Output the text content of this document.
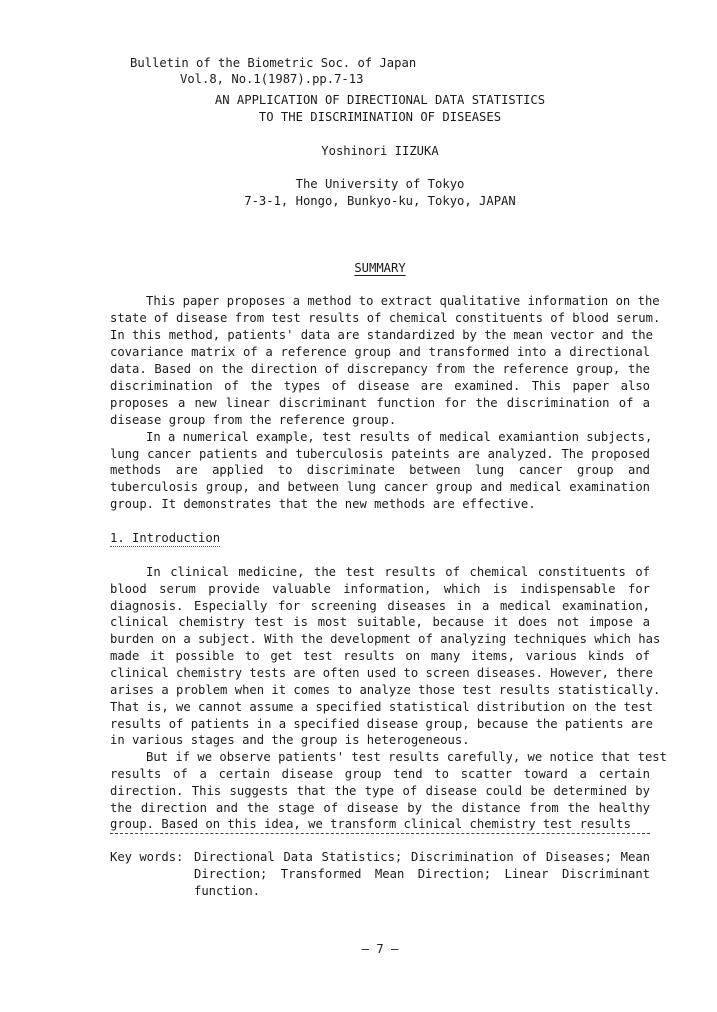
Bulletin of the Biometric Soc. of Japan
Vol.8, No.1(1987).pp.7-13
AN APPLICATION OF DIRECTIONAL DATA STATISTICS
TO THE DISCRIMINATION OF DISEASES
Yoshinori IIZUKA
The University of Tokyo
7-3-1, Hongo, Bunkyo-ku, Tokyo, JAPAN
SUMMARY
This paper proposes a method to extract qualitative information on the
state of disease from test results of chemical constituents of blood serum.
In this method, patients' data are standardized by the mean vector and the
covariance matrix of a reference group and transformed into a directional
data. Based on the direction of discrepancy from the reference group, the
discrimination of the types of disease are examined. This paper also
proposes a new linear discriminant function for the discrimination of a
disease group from the reference group.
In a numerical example, test results of medical examiantion subjects,
lung cancer patients and tuberculosis pateints are analyzed. The proposed
methods are applied to discriminate between lung cancer group and
tuberculosis group, and between lung cancer group and medical examination
group. It demonstrates that the new methods are effective.
1. Introduction
In clinical medicine, the test results of chemical constituents of
blood serum provide valuable information, which is indispensable for
diagnosis. Especially for screening diseases in a medical examination,
clinical chemistry test is most suitable, because it does not impose a
burden on a subject. With the development of analyzing techniques which has
made it possible to get test results on many items, various kinds of
clinical chemistry tests are often used to screen diseases. However, there
arises a problem when it comes to analyze those test results statistically.
That is, we cannot assume a specified statistical distribution on the test
results of patients in a specified disease group, because the patients are
in various stages and the group is heterogeneous.
But if we observe patients' test results carefully, we notice that test
results of a certain disease group tend to scatter toward a certain
direction. This suggests that the type of disease could be determined by
the direction and the stage of disease by the distance from the healthy
group. Based on this idea, we transform clinical chemistry test results
Key words: Directional Data Statistics; Discrimination of Diseases; Mean
Direction; Transformed Mean Direction; Linear Discriminant
function.
— 7 —
